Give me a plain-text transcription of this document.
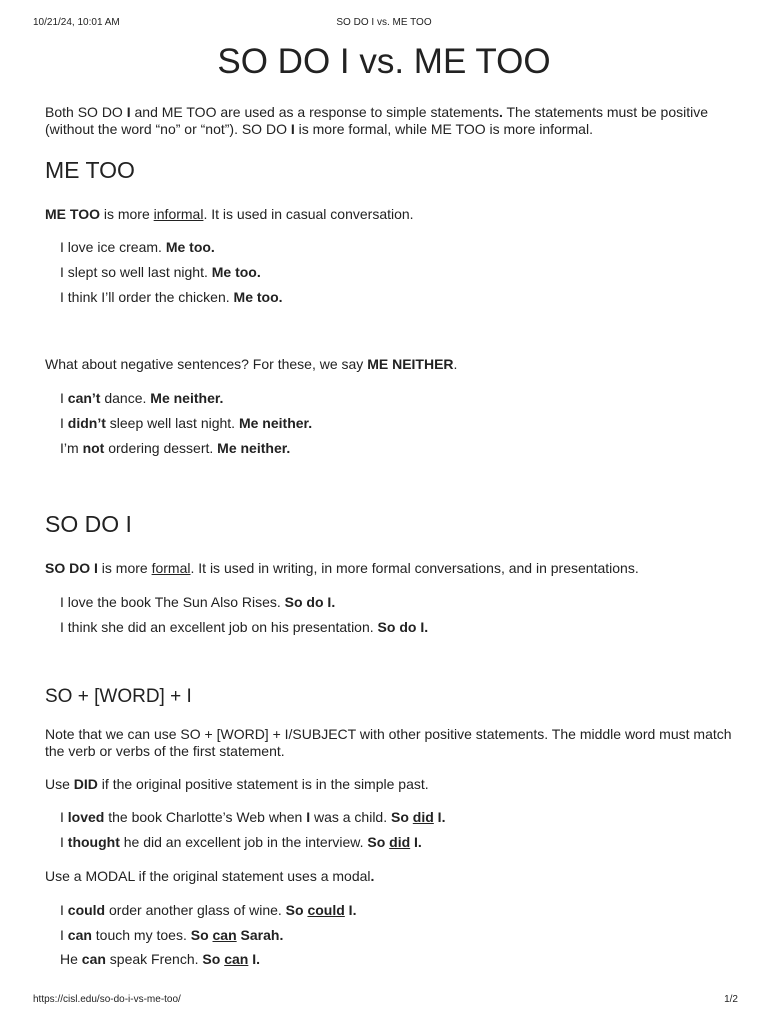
10/21/24, 10:01 AM	SO DO I vs. ME TOO
SO DO I vs. ME TOO

Both SO DO I and ME TOO are used as a response to simple statements. The statements must be positive (without the word “no” or “not”). SO DO I is more formal, while ME TOO is more informal.

ME TOO

ME TOO is more informal. It is used in casual conversation.

I love ice cream. Me too.
I slept so well last night. Me too.
I think I’ll order the chicken. Me too.

What about negative sentences? For these, we say ME NEITHER.

I can’t dance. Me neither.
I didn’t sleep well last night. Me neither.
I’m not ordering dessert. Me neither.
SO DO I

SO DO I is more formal. It is used in writing, in more formal conversations, and in presentations.

I love the book The Sun Also Rises. So do I.
I think she did an excellent job on his presentation. So do I.
SO + [WORD] + I

Note that we can use SO + [WORD] + I/SUBJECT with other positive statements. The middle word must match the verb or verbs of the first statement.

Use DID if the original positive statement is in the simple past.

I loved the book Charlotte’s Web when I was a child. So did I.
I thought he did an excellent job in the interview. So did I.

Use a MODAL if the original statement uses a modal.

I could order another glass of wine. So could I.
I can touch my toes. So can Sarah.
He can speak French. So can I.
https://cisl.edu/so-do-i-vs-me-too/	1/2
